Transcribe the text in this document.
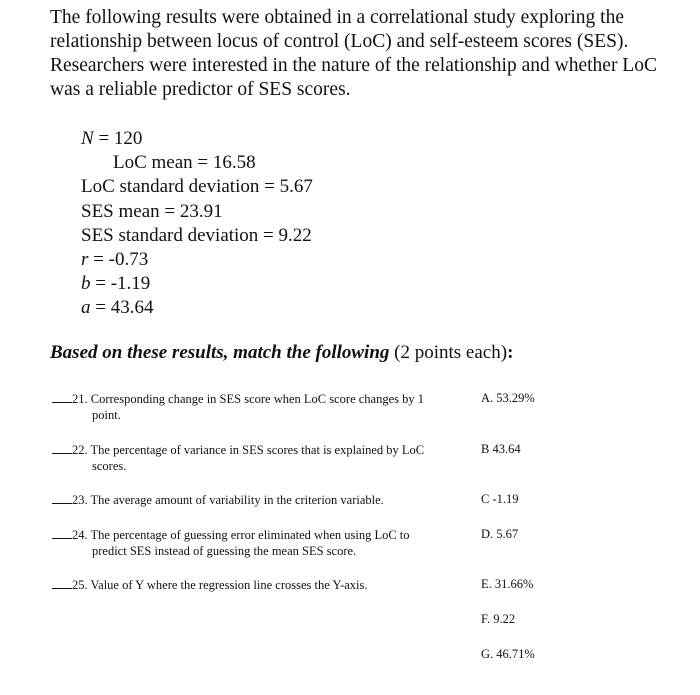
The following results were obtained in a correlational study exploring the relationship between locus of control (LoC) and self-esteem scores (SES). Researchers were interested in the nature of the relationship and whether LoC was a reliable predictor of SES scores.

N = 120
LoC mean = 16.58
LoC standard deviation = 5.67
SES mean = 23.91
SES standard deviation = 9.22
r = -0.73
b = -1.19
a = 43.64
Based on these results, match the following (2 points each):
21. Corresponding change in SES score when LoC score changes by 1
point.
22. The percentage of variance in SES scores that is explained by LoC
scores.
23. The average amount of variability in the criterion variable.
24. The percentage of guessing error eliminated when using LoC to
predict SES instead of guessing the mean SES score.
25. Value of Y where the regression line crosses the Y-axis.
A. 53.29%
B 43.64
C -1.19
D. 5.67
E. 31.66%
F. 9.22
G. 46.71%
